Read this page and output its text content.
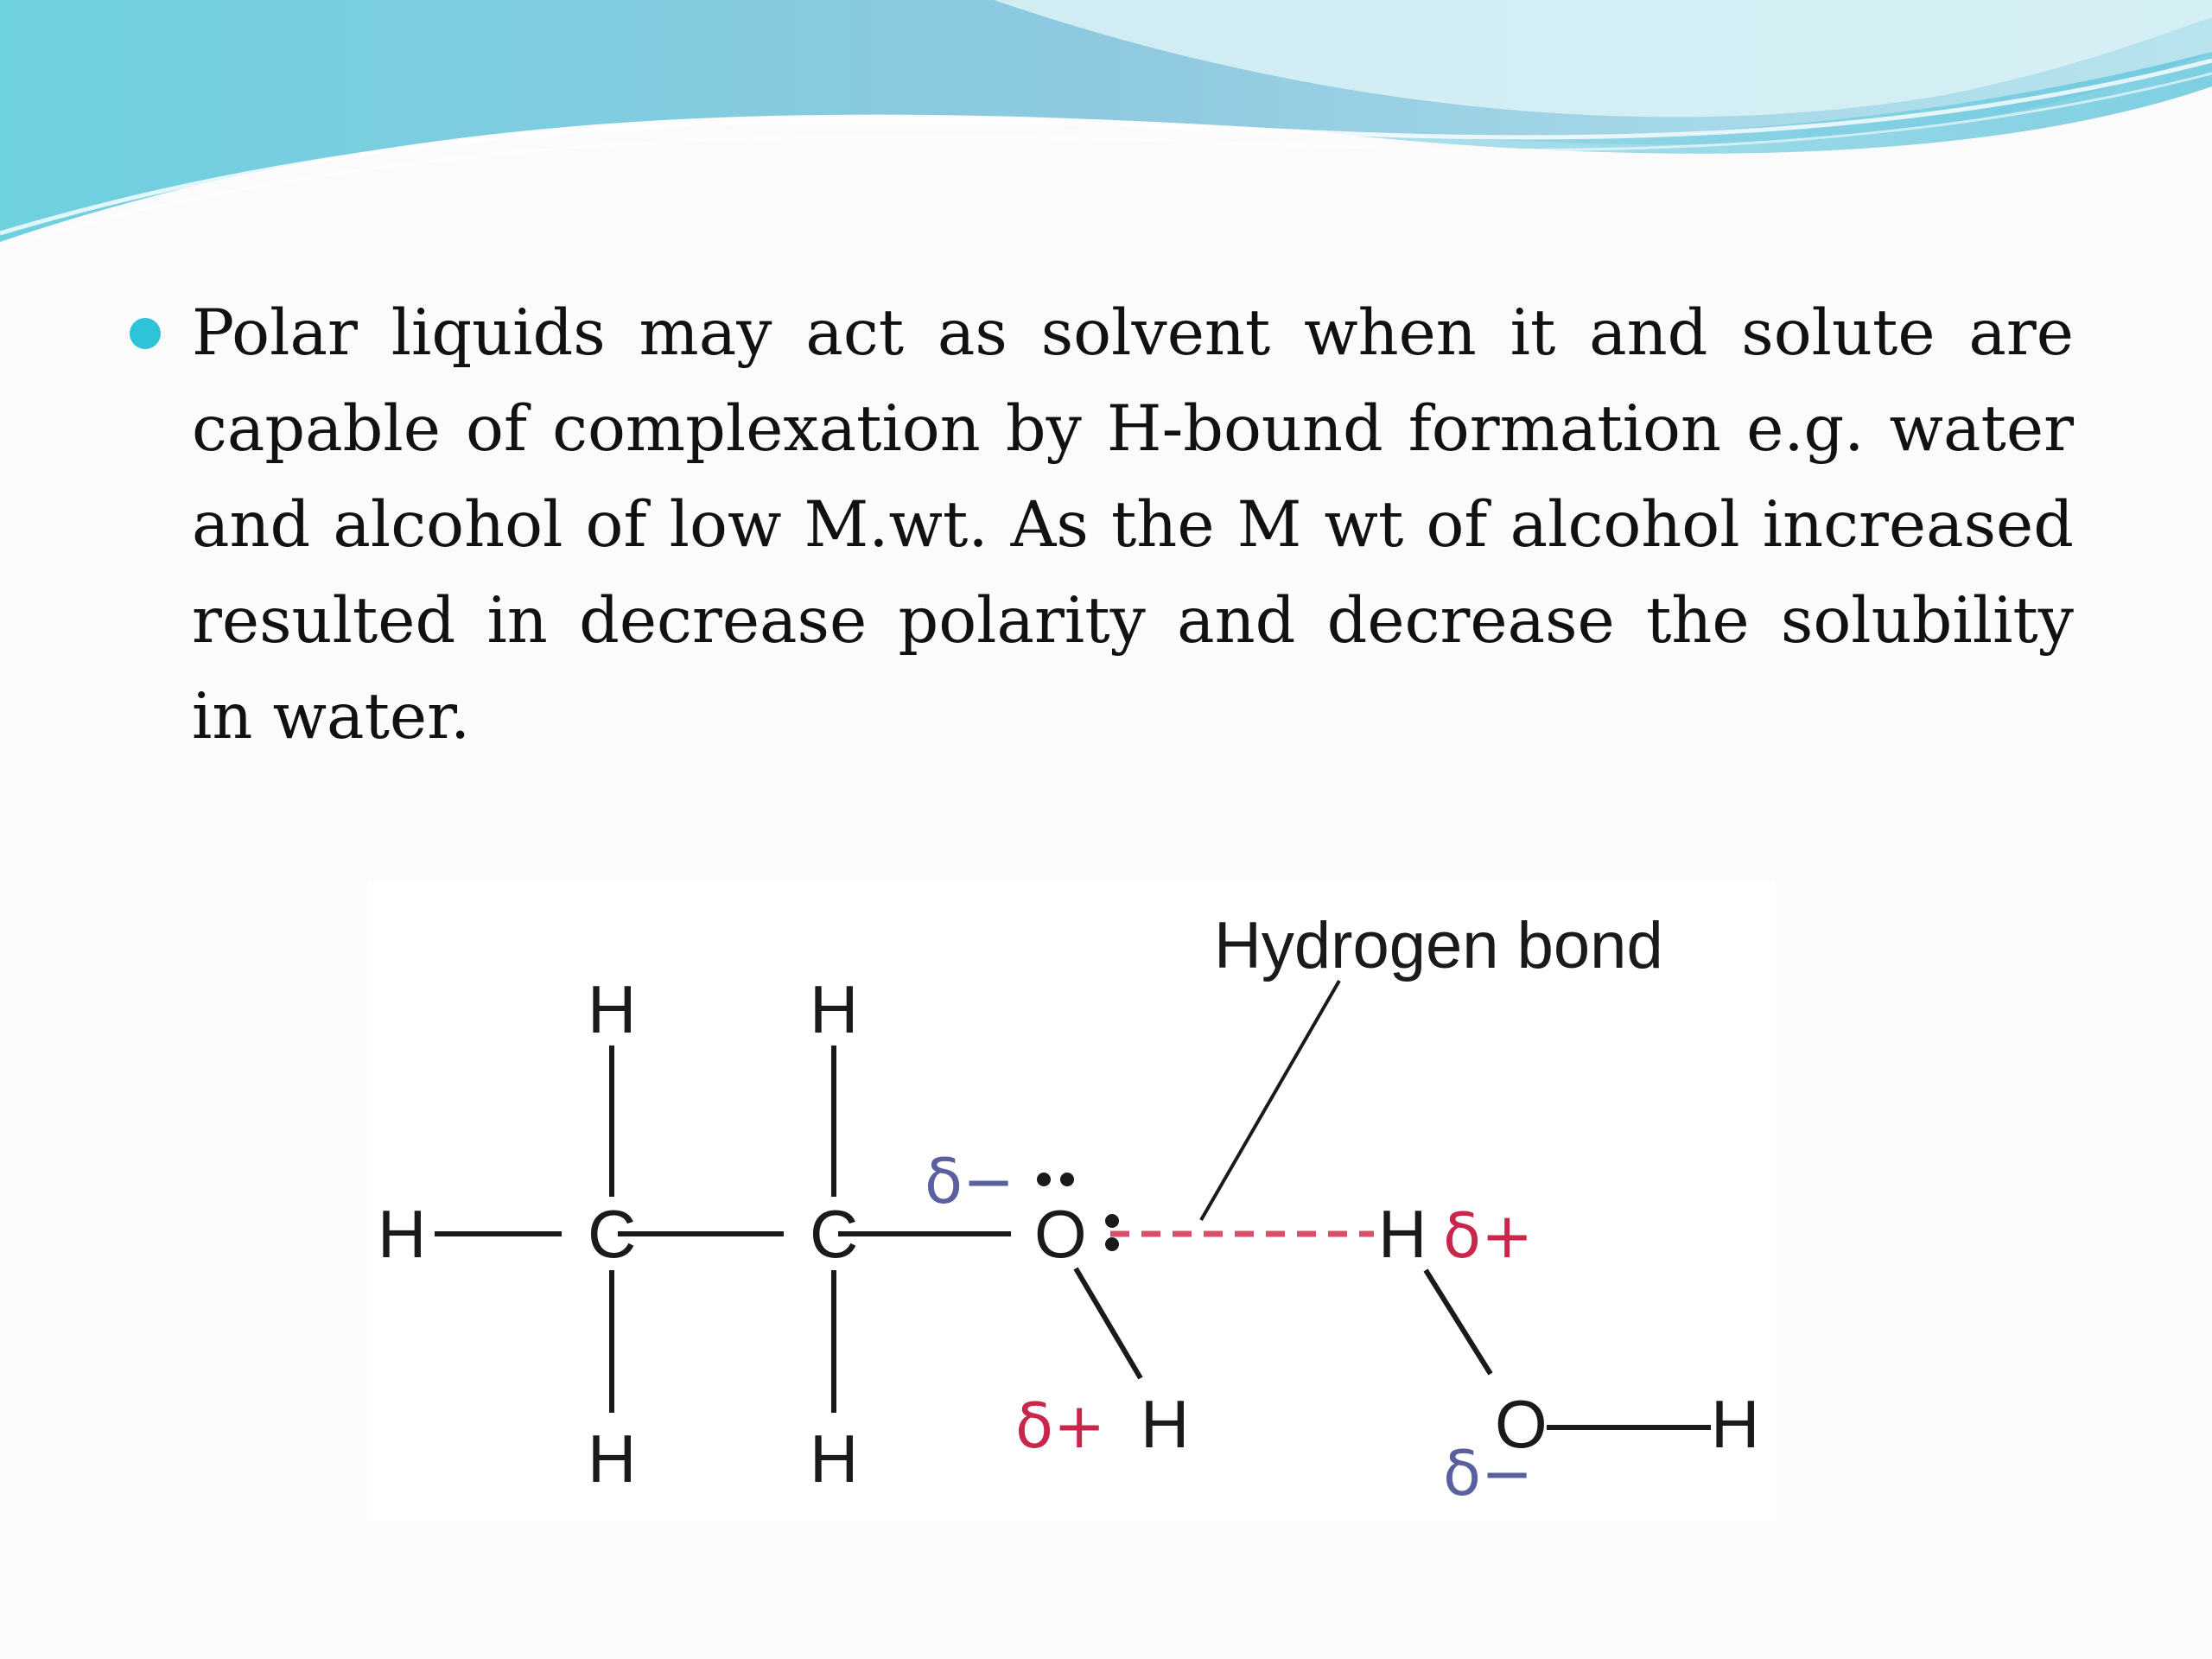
Polar liquids may act as solvent when it and solute are capable of complexation by H-bound formation e.g. water and alcohol of low M.wt. As the M wt of alcohol increased resulted in decrease polarity and decrease the solubility in water.
Hydrogen bond
H C	C	O
H	H
H	H	H
H
O H
δ−
δ+
δ+
δ−
